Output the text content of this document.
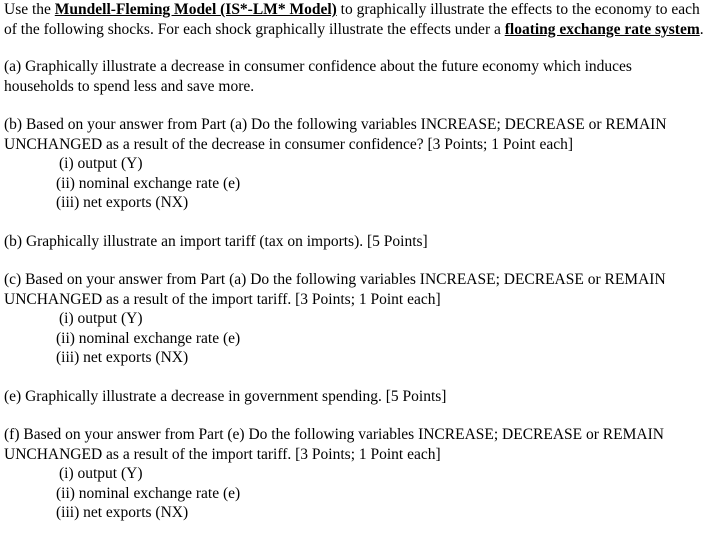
Use the Mundell-Fleming Model (IS*-LM* Model) to graphically illustrate the effects to the economy to each of the following shocks. For each shock graphically illustrate the effects under a floating exchange rate system.

(a) Graphically illustrate a decrease in consumer confidence about the future economy which induces households to spend less and save more.

(b) Based on your answer from Part (a) Do the following variables INCREASE; DECREASE or REMAIN UNCHANGED as a result of the decrease in consumer confidence? [3 Points; 1 Point each]

(i) output (Y)

(ii) nominal exchange rate (e)

(iii) net exports (NX)

(b) Graphically illustrate an import tariff (tax on imports). [5 Points]

(c) Based on your answer from Part (a) Do the following variables INCREASE; DECREASE or REMAIN UNCHANGED as a result of the import tariff. [3 Points; 1 Point each]

(i) output (Y)

(ii) nominal exchange rate (e)

(iii) net exports (NX)

(e) Graphically illustrate a decrease in government spending. [5 Points]

(f) Based on your answer from Part (e) Do the following variables INCREASE; DECREASE or REMAIN UNCHANGED as a result of the import tariff. [3 Points; 1 Point each]

(i) output (Y)

(ii) nominal exchange rate (e)

(iii) net exports (NX)
